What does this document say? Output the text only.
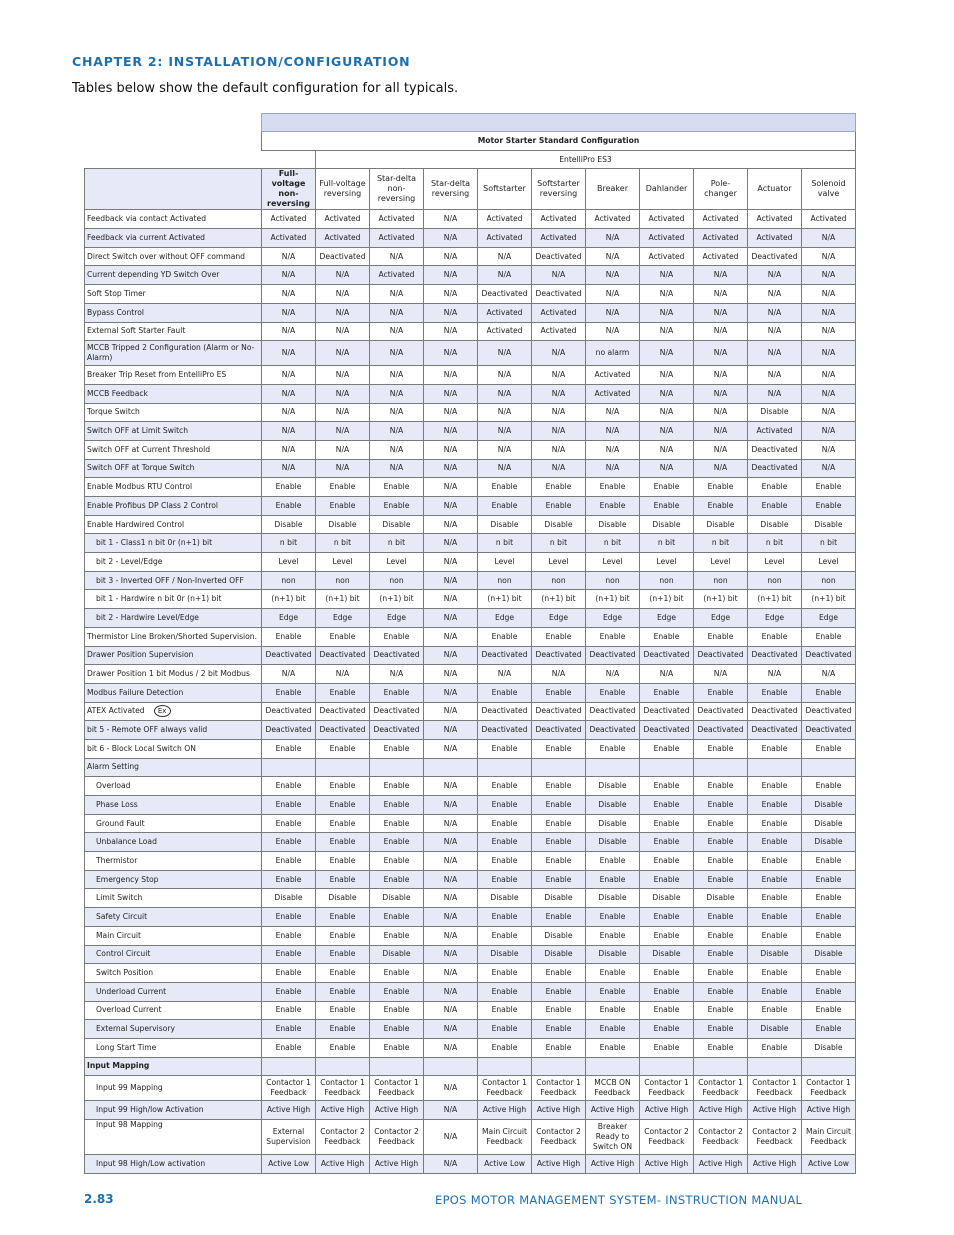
CHAPTER 2: INSTALLATION/CONFIGURATION
Tables below show the default configuration for all typicals.

	Motor Starter Standard Configuration										
		EntelliPro ES3									
	Full-voltage non-reversing	Full-voltage reversing	Star-delta non-reversing	Star-delta reversing	Softstarter	Softstarter reversing	Breaker	Dahlander	Pole-changer	Actuator	Solenoid valve
Feedback via contact Activated	Activated	Activated	Activated	N/A	Activated	Activated	Activated	Activated	Activated	Activated	Activated
Feedback via current Activated	Activated	Activated	Activated	N/A	Activated	Activated	N/A	Activated	Activated	Activated	N/A
Direct Switch over without OFF command	N/A	Deactivated	N/A	N/A	N/A	Deactivated	N/A	Activated	Activated	Deactivated	N/A
Current depending YD Switch Over	N/A	N/A	Activated	N/A	N/A	N/A	N/A	N/A	N/A	N/A	N/A
Soft Stop Timer	N/A	N/A	N/A	N/A	Deactivated	Deactivated	N/A	N/A	N/A	N/A	N/A
Bypass Control	N/A	N/A	N/A	N/A	Activated	Activated	N/A	N/A	N/A	N/A	N/A
External Soft Starter Fault	N/A	N/A	N/A	N/A	Activated	Activated	N/A	N/A	N/A	N/A	N/A
MCCB Tripped 2 Configuration (Alarm or No-Alarm)	N/A	N/A	N/A	N/A	N/A	N/A	no alarm	N/A	N/A	N/A	N/A
Breaker Trip Reset from EntelliPro ES	N/A	N/A	N/A	N/A	N/A	N/A	Activated	N/A	N/A	N/A	N/A
MCCB Feedback	N/A	N/A	N/A	N/A	N/A	N/A	Activated	N/A	N/A	N/A	N/A
Torque Switch	N/A	N/A	N/A	N/A	N/A	N/A	N/A	N/A	N/A	Disable	N/A
Switch OFF at Limit Switch	N/A	N/A	N/A	N/A	N/A	N/A	N/A	N/A	N/A	Activated	N/A
Switch OFF at Current Threshold	N/A	N/A	N/A	N/A	N/A	N/A	N/A	N/A	N/A	Deactivated	N/A
Switch OFF at Torque Switch	N/A	N/A	N/A	N/A	N/A	N/A	N/A	N/A	N/A	Deactivated	N/A
Enable Modbus RTU Control	Enable	Enable	Enable	N/A	Enable	Enable	Enable	Enable	Enable	Enable	Enable
Enable Profibus DP Class 2 Control	Enable	Enable	Enable	N/A	Enable	Enable	Enable	Enable	Enable	Enable	Enable
Enable Hardwired Control	Disable	Disable	Disable	N/A	Disable	Disable	Disable	Disable	Disable	Disable	Disable
bit 1 - Class1 n bit 0r (n+1) bit	n bit	n bit	n bit	N/A	n bit	n bit	n bit	n bit	n bit	n bit	n bit
bit 2 - Level/Edge	Level	Level	Level	N/A	Level	Level	Level	Level	Level	Level	Level
bit 3 - Inverted OFF / Non-Inverted OFF	non	non	non	N/A	non	non	non	non	non	non	non
bit 1 - Hardwire n bit 0r (n+1) bit	(n+1) bit	(n+1) bit	(n+1) bit	N/A	(n+1) bit	(n+1) bit	(n+1) bit	(n+1) bit	(n+1) bit	(n+1) bit	(n+1) bit
bit 2 - Hardwire Level/Edge	Edge	Edge	Edge	N/A	Edge	Edge	Edge	Edge	Edge	Edge	Edge
Thermistor Line Broken/Shorted Supervision.	Enable	Enable	Enable	N/A	Enable	Enable	Enable	Enable	Enable	Enable	Enable
Drawer Position Supervision	Deactivated	Deactivated	Deactivated	N/A	Deactivated	Deactivated	Deactivated	Deactivated	Deactivated	Deactivated	Deactivated
Drawer Position 1 bit Modus / 2 bit Modbus	N/A	N/A	N/A	N/A	N/A	N/A	N/A	N/A	N/A	N/A	N/A
Modbus Failure Detection	Enable	Enable	Enable	N/A	Enable	Enable	Enable	Enable	Enable	Enable	Enable
ATEX Activated Ex	Deactivated	Deactivated	Deactivated	N/A	Deactivated	Deactivated	Deactivated	Deactivated	Deactivated	Deactivated	Deactivated
bit 5 - Remote OFF always valid	Deactivated	Deactivated	Deactivated	N/A	Deactivated	Deactivated	Deactivated	Deactivated	Deactivated	Deactivated	Deactivated
bit 6 - Block Local Switch ON	Enable	Enable	Enable	N/A	Enable	Enable	Enable	Enable	Enable	Enable	Enable
Alarm Setting											
Overload	Enable	Enable	Enable	N/A	Enable	Enable	Disable	Enable	Enable	Enable	Enable
Phase Loss	Enable	Enable	Enable	N/A	Enable	Enable	Disable	Enable	Enable	Enable	Disable
Ground Fault	Enable	Enable	Enable	N/A	Enable	Enable	Disable	Enable	Enable	Enable	Disable
Unbalance Load	Enable	Enable	Enable	N/A	Enable	Enable	Disable	Enable	Enable	Enable	Disable
Thermistor	Enable	Enable	Enable	N/A	Enable	Enable	Enable	Enable	Enable	Enable	Enable
Emergency Stop	Enable	Enable	Enable	N/A	Enable	Enable	Enable	Enable	Enable	Enable	Enable
Limit Switch	Disable	Disable	Disable	N/A	Disable	Disable	Disable	Disable	Disable	Enable	Enable
Safety Circuit	Enable	Enable	Enable	N/A	Enable	Enable	Enable	Enable	Enable	Enable	Enable
Main Circuit	Enable	Enable	Enable	N/A	Enable	Disable	Enable	Enable	Enable	Enable	Enable
Control Circuit	Enable	Enable	Disable	N/A	Disable	Disable	Disable	Disable	Enable	Disable	Disable
Switch Position	Enable	Enable	Enable	N/A	Enable	Enable	Enable	Enable	Enable	Enable	Enable
Underload Current	Enable	Enable	Enable	N/A	Enable	Enable	Enable	Enable	Enable	Enable	Enable
Overload Current	Enable	Enable	Enable	N/A	Enable	Enable	Enable	Enable	Enable	Enable	Enable
External Supervisory	Enable	Enable	Enable	N/A	Enable	Enable	Enable	Enable	Enable	Disable	Enable
Long Start Time	Enable	Enable	Enable	N/A	Enable	Enable	Enable	Enable	Enable	Enable	Disable
Input Mapping											
Input 99 Mapping	Contactor 1 Feedback	Contactor 1 Feedback	Contactor 1 Feedback	N/A	Contactor 1 Feedback	Contactor 1 Feedback	MCCB ON Feedback	Contactor 1 Feedback	Contactor 1 Feedback	Contactor 1 Feedback	Contactor 1 Feedback
Input 99 High/low Activation	Active High	Active High	Active High	N/A	Active High	Active High	Active High	Active High	Active High	Active High	Active High
Input 98 Mapping	External Supervision	Contactor 2 Feedback	Contactor 2 Feedback	N/A	Main Circuit Feedback	Contactor 2 Feedback	Breaker Ready to Switch ON	Contactor 2 Feedback	Contactor 2 Feedback	Contactor 2 Feedback	Main Circuit Feedback
Input 98 High/Low activation	Active Low	Active High	Active High	N/A	Active Low	Active High	Active High	Active High	Active High	Active High	Active Low
2.83	EPOS MOTOR MANAGEMENT SYSTEM- INSTRUCTION MANUAL
